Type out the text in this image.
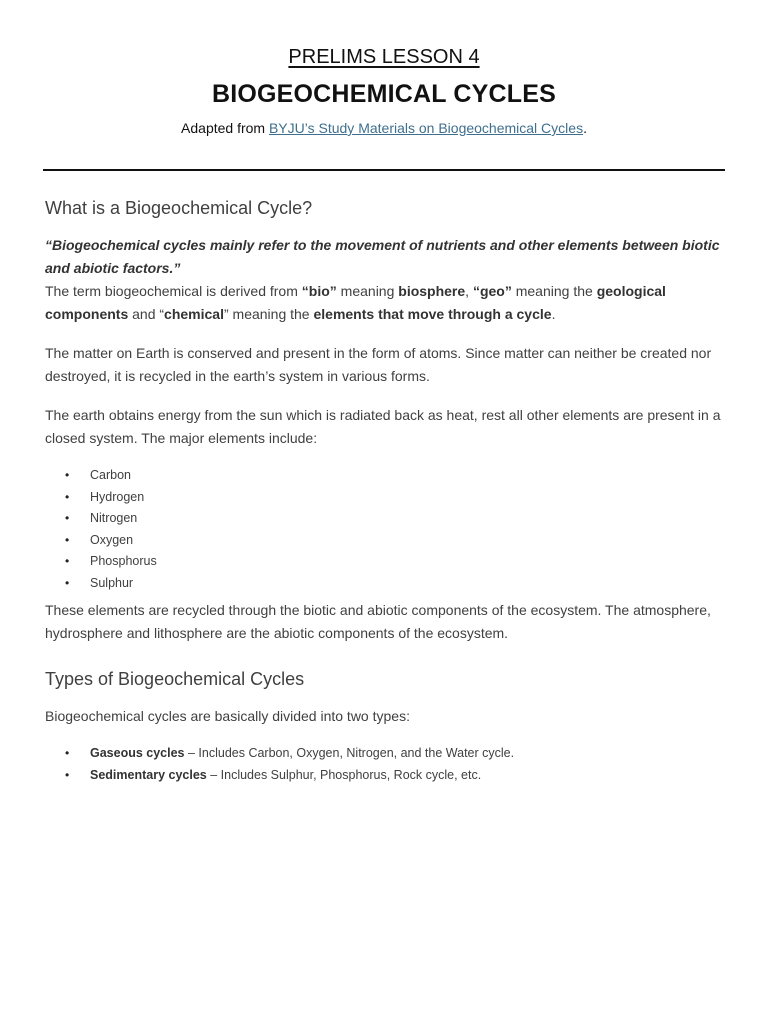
PRELIMS LESSON 4
BIOGEOCHEMICAL CYCLES
Adapted from BYJU’s Study Materials on Biogeochemical Cycles.
What is a Biogeochemical Cycle?
“Biogeochemical cycles mainly refer to the movement of nutrients and other elements between biotic and abiotic factors.”
The term biogeochemical is derived from “bio” meaning biosphere, “geo” meaning the geological components and “chemical” meaning the elements that move through a cycle.
The matter on Earth is conserved and present in the form of atoms. Since matter can neither be created nor destroyed, it is recycled in the earth’s system in various forms.
The earth obtains energy from the sun which is radiated back as heat, rest all other elements are present in a closed system. The major elements include:
• Carbon
• Hydrogen
• Nitrogen
• Oxygen
• Phosphorus
• Sulphur
These elements are recycled through the biotic and abiotic components of the ecosystem. The atmosphere, hydrosphere and lithosphere are the abiotic components of the ecosystem.
Types of Biogeochemical Cycles
Biogeochemical cycles are basically divided into two types:
• Gaseous cycles – Includes Carbon, Oxygen, Nitrogen, and the Water cycle.
• Sedimentary cycles – Includes Sulphur, Phosphorus, Rock cycle, etc.
